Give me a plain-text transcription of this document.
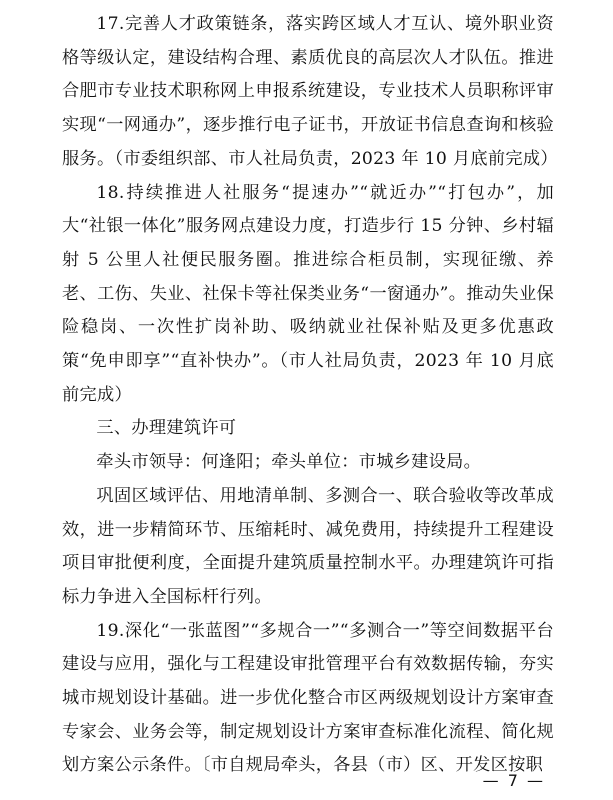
17.完善人才政策链条，落实跨区域人才互认、境外职业资格等级认定，建设结构合理、素质优良的高层次人才队伍。推进合肥市专业技术职称网上申报系统建设，专业技术人员职称评审实现“一网通办”，逐步推行电子证书，开放证书信息查询和核验服务。（市委组织部、市人社局负责，2023 年 10 月底前完成）

18.持续推进人社服务“提速办”“就近办”“打包办”，加大“社银一体化”服务网点建设力度，打造步行 15 分钟、乡村辐射 5 公里人社便民服务圈。推进综合柜员制，实现征缴、养老、工伤、失业、社保卡等社保类业务“一窗通办”。推动失业保险稳岗、一次性扩岗补助、吸纳就业社保补贴及更多优惠政策“免申即享”“直补快办”。（市人社局负责，2023 年 10 月底前完成）

三、办理建筑许可

牵头市领导：何逢阳；牵头单位：市城乡建设局。

巩固区域评估、用地清单制、多测合一、联合验收等改革成效，进一步精简环节、压缩耗时、减免费用，持续提升工程建设项目审批便利度，全面提升建筑质量控制水平。办理建筑许可指标力争进入全国标杆行列。

19.深化“一张蓝图”“多规合一”“多测合一”等空间数据平台建设与应用，强化与工程建设审批管理平台有效数据传输，夯实城市规划设计基础。进一步优化整合市区两级规划设计方案审查专家会、业务会等，制定规划设计方案审查标准化流程、简化规划方案公示条件。〔市自规局牵头，各县（市）区、开发区按职

— 7 —
